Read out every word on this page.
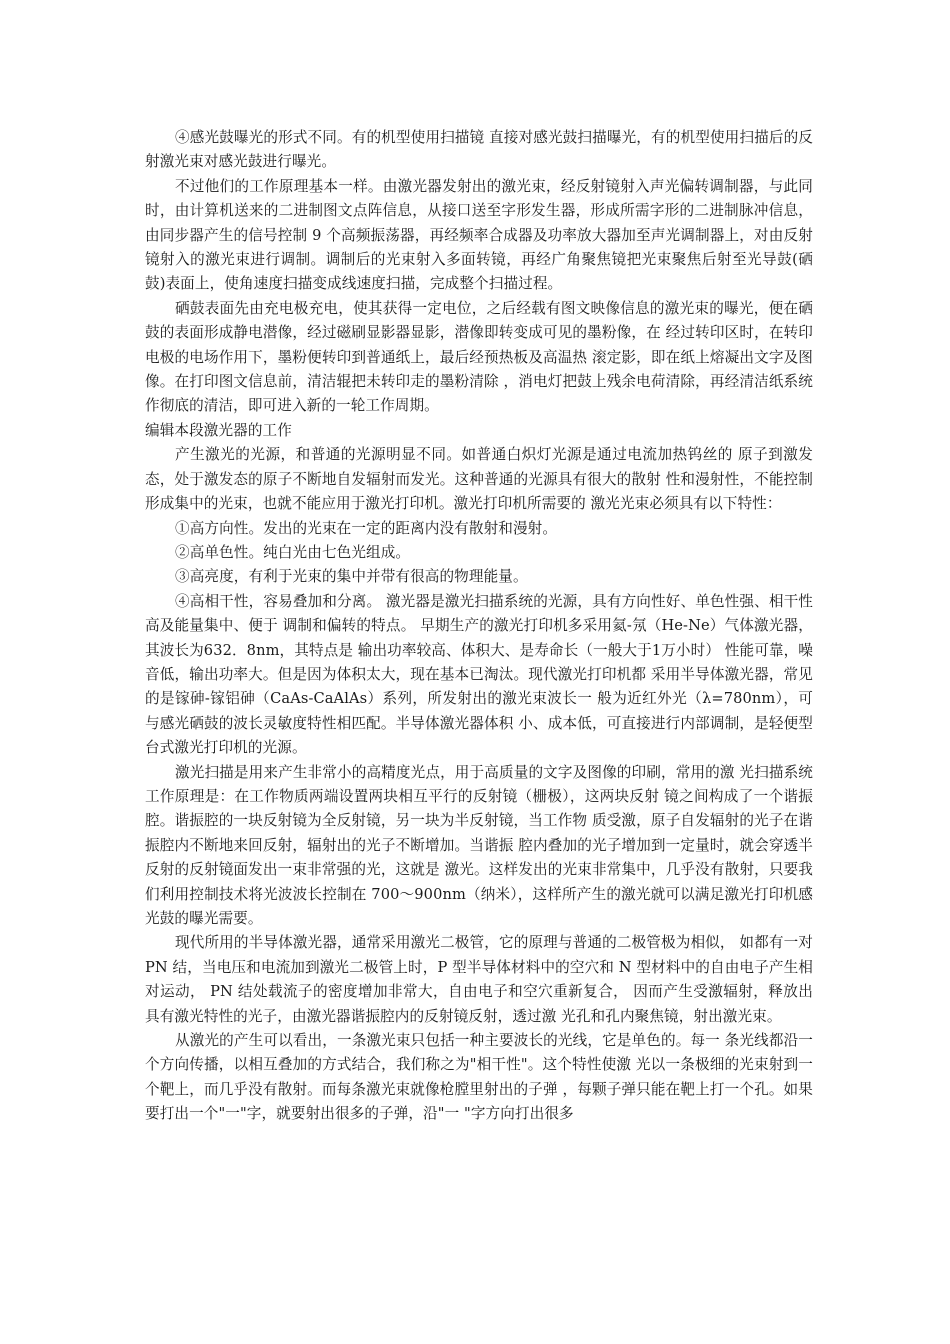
④感光鼓曝光的形式不同。有的机型使用扫描镜 直接对感光鼓扫描曝光，有的机型使用扫描后的反射激光束对感光鼓进行曝光。

不过他们的工作原理基本一样。由激光器发射出的激光束，经反射镜射入声光偏转调制器，与此同时，由计算机送来的二进制图文点阵信息，从接口送至字形发生器，形成所需字形的二进制脉冲信息，由同步器产生的信号控制 9 个高频振荡器，再经频率合成器及功率放大器加至声光调制器上，对由反射 镜射入的激光束进行调制。调制后的光束射入多面转镜，再经广角聚焦镜把光束聚焦后射至光导鼓(硒鼓)表面上，使角速度扫描变成线速度扫描，完成整个扫描过程。

硒鼓表面先由充电极充电，使其获得一定电位，之后经载有图文映像信息的激光束的曝光，便在硒鼓的表面形成静电潜像，经过磁刷显影器显影，潜像即转变成可见的墨粉像，在 经过转印区时，在转印电极的电场作用下，墨粉便转印到普通纸上，最后经预热板及高温热 滚定影，即在纸上熔凝出文字及图像。在打印图文信息前，清洁辊把未转印走的墨粉清除 ，消电灯把鼓上残余电荷清除，再经清洁纸系统作彻底的清洁，即可进入新的一轮工作周期。

编辑本段激光器的工作

产生激光的光源，和普通的光源明显不同。如普通白炽灯光源是通过电流加热钨丝的 原子到激发态，处于激发态的原子不断地自发辐射而发光。这种普通的光源具有很大的散射 性和漫射性，不能控制形成集中的光束，也就不能应用于激光打印机。激光打印机所需要的 激光光束必须具有以下特性：

①高方向性。发出的光束在一定的距离内没有散射和漫射。

②高单色性。纯白光由七色光组成。

③高亮度，有利于光束的集中并带有很高的物理能量。

④高相干性，容易叠加和分离。 激光器是激光扫描系统的光源，具有方向性好、单色性强、相干性高及能量集中、便于 调制和偏转的特点。 早期生产的激光打印机多采用氦-氖（He-Ne）气体激光器，其波长为632．8nm，其特点是 输出功率较高、体积大、是寿命长（一般大于1万小时） 性能可靠，噪音低，输出功率大。但是因为体积太大，现在基本已淘汰。现代激光打印机都 采用半导体激光器，常见的是镓砷-镓铝砷（CaAs-CaAlAs）系列，所发射出的激光束波长一 般为近红外光（λ=780nm），可与感光硒鼓的波长灵敏度特性相匹配。半导体激光器体积 小、成本低，可直接进行内部调制，是轻便型台式激光打印机的光源。

激光扫描是用来产生非常小的高精度光点，用于高质量的文字及图像的印刷，常用的激 光扫描系统工作原理是：在工作物质两端设置两块相互平行的反射镜（栅极），这两块反射 镜之间构成了一个谐振腔。谐振腔的一块反射镜为全反射镜，另一块为半反射镜，当工作物 质受激，原子自发辐射的光子在谐振腔内不断地来回反射，辐射出的光子不断增加。当谐振 腔内叠加的光子增加到一定量时，就会穿透半反射的反射镜面发出一束非常强的光，这就是 激光。这样发出的光束非常集中，几乎没有散射，只要我们利用控制技术将光波波长控制在 700～900nm（纳米），这样所产生的激光就可以满足激光打印机感光鼓的曝光需要。

现代所用的半导体激光器，通常采用激光二极管，它的原理与普通的二极管极为相似， 如都有一对 PN 结，当电压和电流加到激光二极管上时，P 型半导体材料中的空穴和 N 型材料中的自由电子产生相对运动， PN 结处载流子的密度增加非常大，自由电子和空穴重新复合， 因而产生受激辐射，释放出具有激光特性的光子，由激光器谐振腔内的反射镜反射，透过激 光孔和孔内聚焦镜，射出激光束。

从激光的产生可以看出，一条激光束只包括一种主要波长的光线，它是单色的。每一 条光线都沿一个方向传播，以相互叠加的方式结合，我们称之为"相干性"。这个特性使激 光以一条极细的光束射到一个靶上，而几乎没有散射。而每条激光束就像枪膛里射出的子弹 ，每颗子弹只能在靶上打一个孔。如果要打出一个"一"字，就要射出很多的子弹，沿"一 "字方向打出很多
